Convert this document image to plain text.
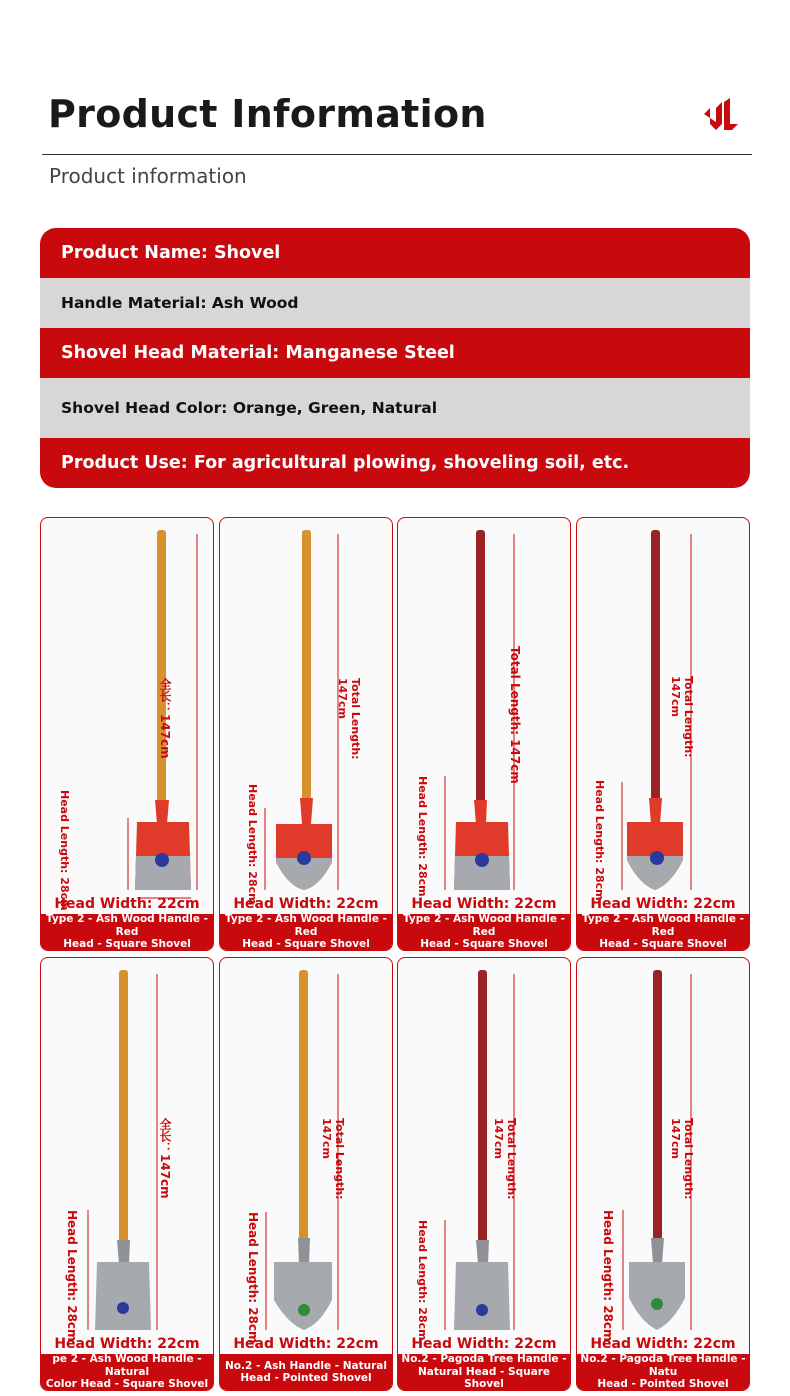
Product Information
Product information
Product Name: Shovel
Handle Material: Ash Wood
Shovel Head Material: Manganese Steel
Shovel Head Color: Orange, Green, Natural
Product Use: For agricultural plowing, shoveling soil, etc.
全长：147cm
Head Length: 28cm
Head Width: 22cm
Type 2 - Ash Wood Handle - Red
Head - Square Shovel
Total Length:
147cm
Head Length: 28cm
Head Width: 22cm
Type 2 - Ash Wood Handle - Red
Head - Square Shovel
Total Length: 147cm
Head Length: 28cm
Head Width: 22cm
Type 2 - Ash Wood Handle - Red
Head - Square Shovel
Total Length:
147cm
Head Length: 28cm
Head Width: 22cm
Type 2 - Ash Wood Handle - Red
Head - Square Shovel
全长：147cm
Head Length: 28cm
Head Width: 22cm
pe 2 - Ash Wood Handle - Natural
Color Head - Square Shovel
Total Length:
147cm
Head Length: 28cm
Head Width: 22cm
No.2 - Ash Handle - Natural
Head - Pointed Shovel
Total Length:
147cm
Head Length: 28cm
Head Width: 22cm
No.2 - Pagoda Tree Handle -
Natural Head - Square Shovel
Total Length:
147cm
Head Length: 28cm
Head Width: 22cm
No.2 - Pagoda Tree Handle - Natu
Head - Pointed Shovel
